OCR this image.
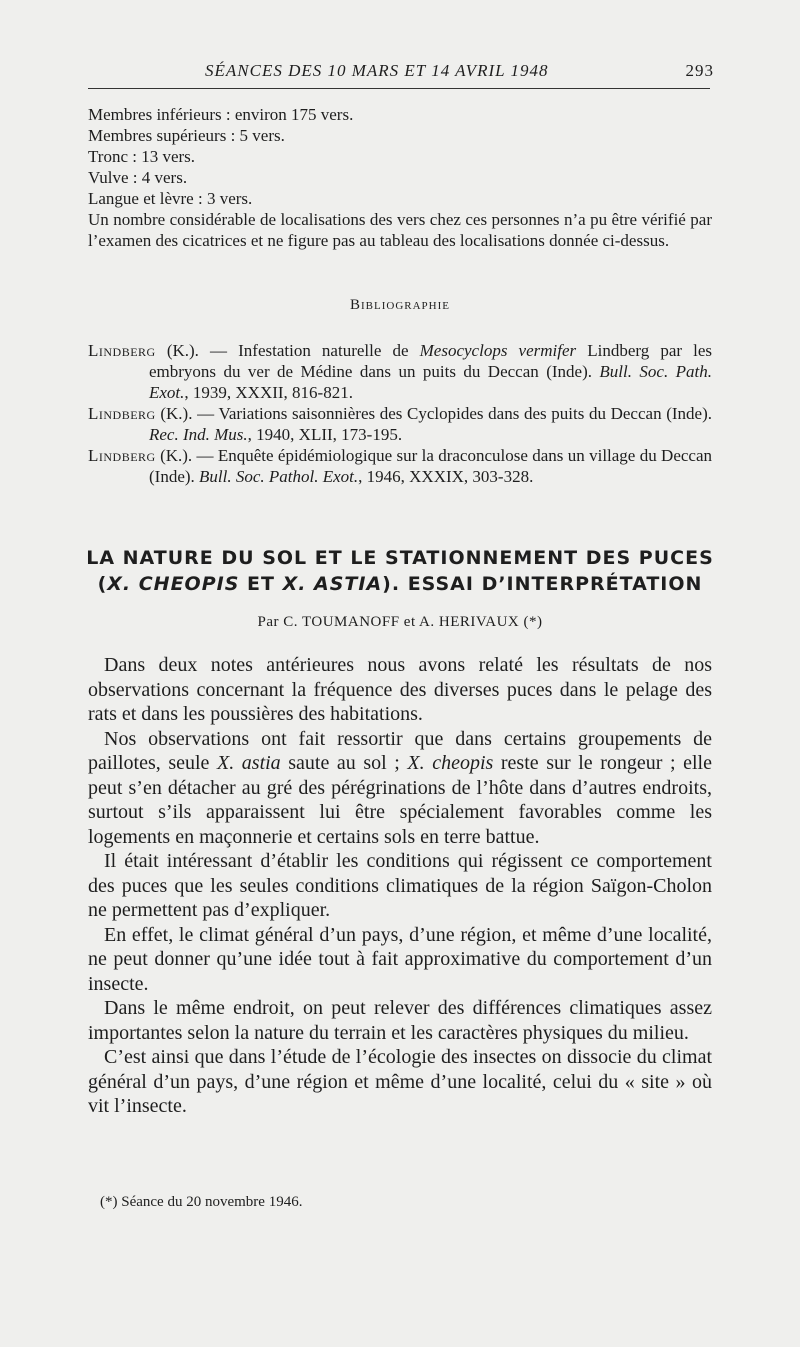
SÉANCES DES 10 MARS ET 14 AVRIL 1948	293

Membres inférieurs : environ 175 vers.

Membres supérieurs : 5 vers.

Tronc : 13 vers.

Vulve : 4 vers.

Langue et lèvre : 3 vers.

Un nombre considérable de localisations des vers chez ces personnes n’a pu être vérifié par l’examen des cicatrices et ne figure pas au tableau des localisations donnée ci-dessus.

Bibliographie

Lindberg (K.). — Infestation naturelle de Mesocyclops vermifer Lindberg par les embryons du ver de Médine dans un puits du Deccan (Inde). Bull. Soc. Path. Exot., 1939, XXXII, 816-821.

Lindberg (K.). — Variations saisonnières des Cyclopides dans des puits du Deccan (Inde). Rec. Ind. Mus., 1940, XLII, 173-195.

Lindberg (K.). — Enquête épidémiologique sur la draconculose dans un village du Deccan (Inde). Bull. Soc. Pathol. Exot., 1946, XXXIX, 303-328.

LA NATURE DU SOL ET LE STATIONNEMENT DES PUCES
(X. CHEOPIS ET X. ASTIA). ESSAI D’INTERPRÉTATION
Par C. TOUMANOFF et A. HERIVAUX (*)

Dans deux notes antérieures nous avons relaté les résultats de nos observations concernant la fréquence des diverses puces dans le pelage des rats et dans les poussières des habitations.

Nos observations ont fait ressortir que dans certains groupements de paillotes, seule X. astia saute au sol ; X. cheopis reste sur le rongeur ; elle peut s’en détacher au gré des pérégrinations de l’hôte dans d’autres endroits, surtout s’ils apparaissent lui être spécialement favorables comme les logements en maçonnerie et certains sols en terre battue.

Il était intéressant d’établir les conditions qui régissent ce comportement des puces que les seules conditions climatiques de la région Saïgon-Cholon ne permettent pas d’expliquer.

En effet, le climat général d’un pays, d’une région, et même d’une localité, ne peut donner qu’une idée tout à fait approximative du comportement d’un insecte.

Dans le même endroit, on peut relever des différences climatiques assez importantes selon la nature du terrain et les caractères physiques du milieu.

C’est ainsi que dans l’étude de l’écologie des insectes on dissocie du climat général d’un pays, d’une région et même d’une localité, celui du « site » où vit l’insecte.

(*) Séance du 20 novembre 1946.
